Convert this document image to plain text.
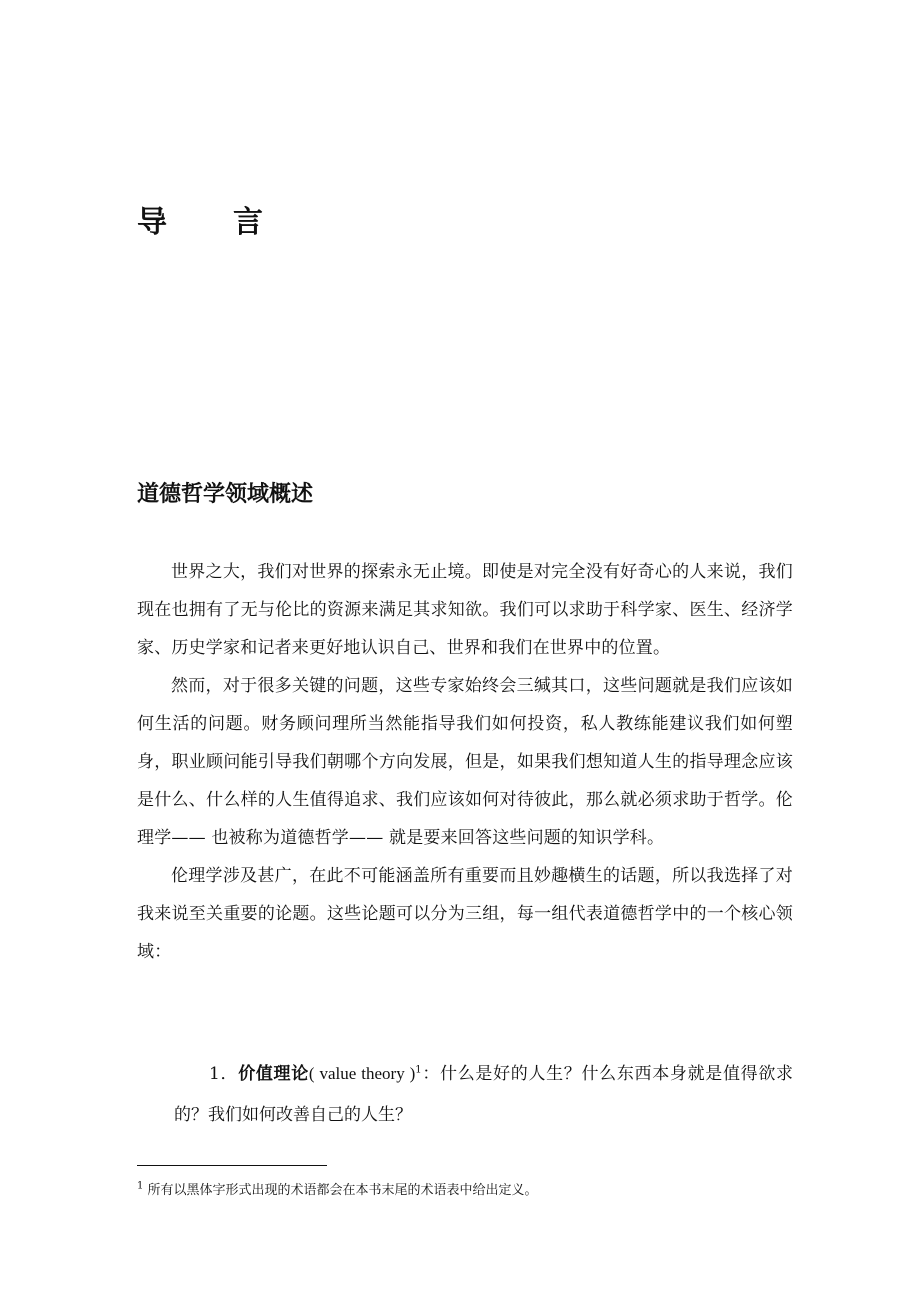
导 言
道德哲学领域概述

世界之大，我们对世界的探索永无止境。即使是对完全没有好奇心的人来说，我们现在也拥有了无与伦比的资源来满足其求知欲。我们可以求助于科学家、医生、经济学家、历史学家和记者来更好地认识自己、世界和我们在世界中的位置。

然而，对于很多关键的问题，这些专家始终会三缄其口，这些问题就是我们应该如何生活的问题。财务顾问理所当然能指导我们如何投资，私人教练能建议我们如何塑身，职业顾问能引导我们朝哪个方向发展，但是，如果我们想知道人生的指导理念应该是什么、什么样的人生值得追求、我们应该如何对待彼此，那么就必须求助于哲学。伦理学—— 也被称为道德哲学—— 就是要来回答这些问题的知识学科。

伦理学涉及甚广，在此不可能涵盖所有重要而且妙趣横生的话题，所以我选择了对我来说至关重要的论题。这些论题可以分为三组，每一组代表道德哲学中的一个核心领域：

1．价值理论( value theory )$^1$：什么是好的人生？什么东西本身就是值得欲求的？我们如何改善自己的人生？

$^1$ 所有以黑体字形式出现的术语都会在本书末尾的术语表中给出定义。
